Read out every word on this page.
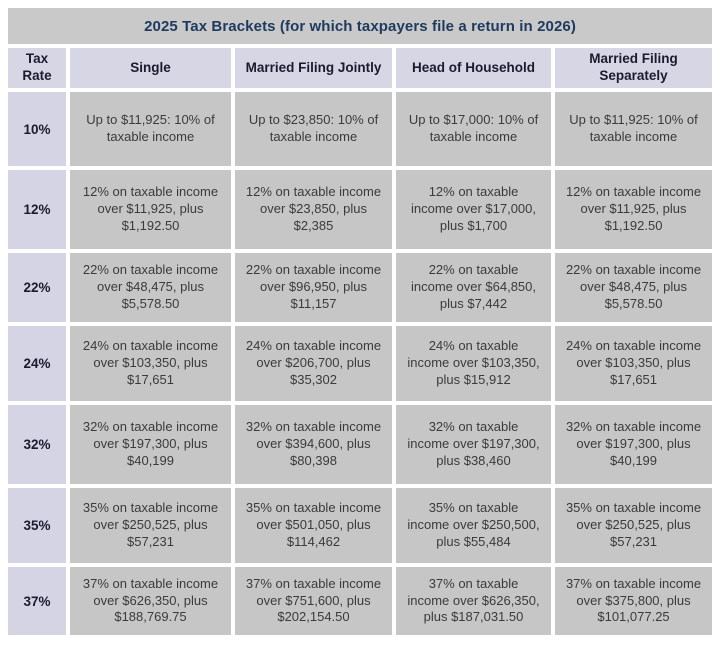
2025 Tax Brackets (for which taxpayers file a return in 2026)				
Tax Rate	Single	Married Filing Jointly	Head of Household	Married Filing Separately
10%	Up to $11,925: 10% of taxable income	Up to $23,850: 10% of taxable income	Up to $17,000: 10% of taxable income	Up to $11,925: 10% of taxable income
12%	12% on taxable income over $11,925, plus $1,192.50	12% on taxable income over $23,850, plus $2,385	12% on taxable income over $17,000, plus $1,700	12% on taxable income over $11,925, plus $1,192.50
22%	22% on taxable income over $48,475, plus $5,578.50	22% on taxable income over $96,950, plus $11,157	22% on taxable income over $64,850, plus $7,442	22% on taxable income over $48,475, plus $5,578.50
24%	24% on taxable income over $103,350, plus $17,651	24% on taxable income over $206,700, plus $35,302	24% on taxable income over $103,350, plus $15,912	24% on taxable income over $103,350, plus $17,651
32%	32% on taxable income over $197,300, plus $40,199	32% on taxable income over $394,600, plus $80,398	32% on taxable income over $197,300, plus $38,460	32% on taxable income over $197,300, plus $40,199
35%	35% on taxable income over $250,525, plus $57,231	35% on taxable income over $501,050, plus $114,462	35% on taxable income over $250,500, plus $55,484	35% on taxable income over $250,525, plus $57,231
37%	37% on taxable income over $626,350, plus $188,769.75	37% on taxable income over $751,600, plus $202,154.50	37% on taxable income over $626,350, plus $187,031.50	37% on taxable income over $375,800, plus $101,077.25
